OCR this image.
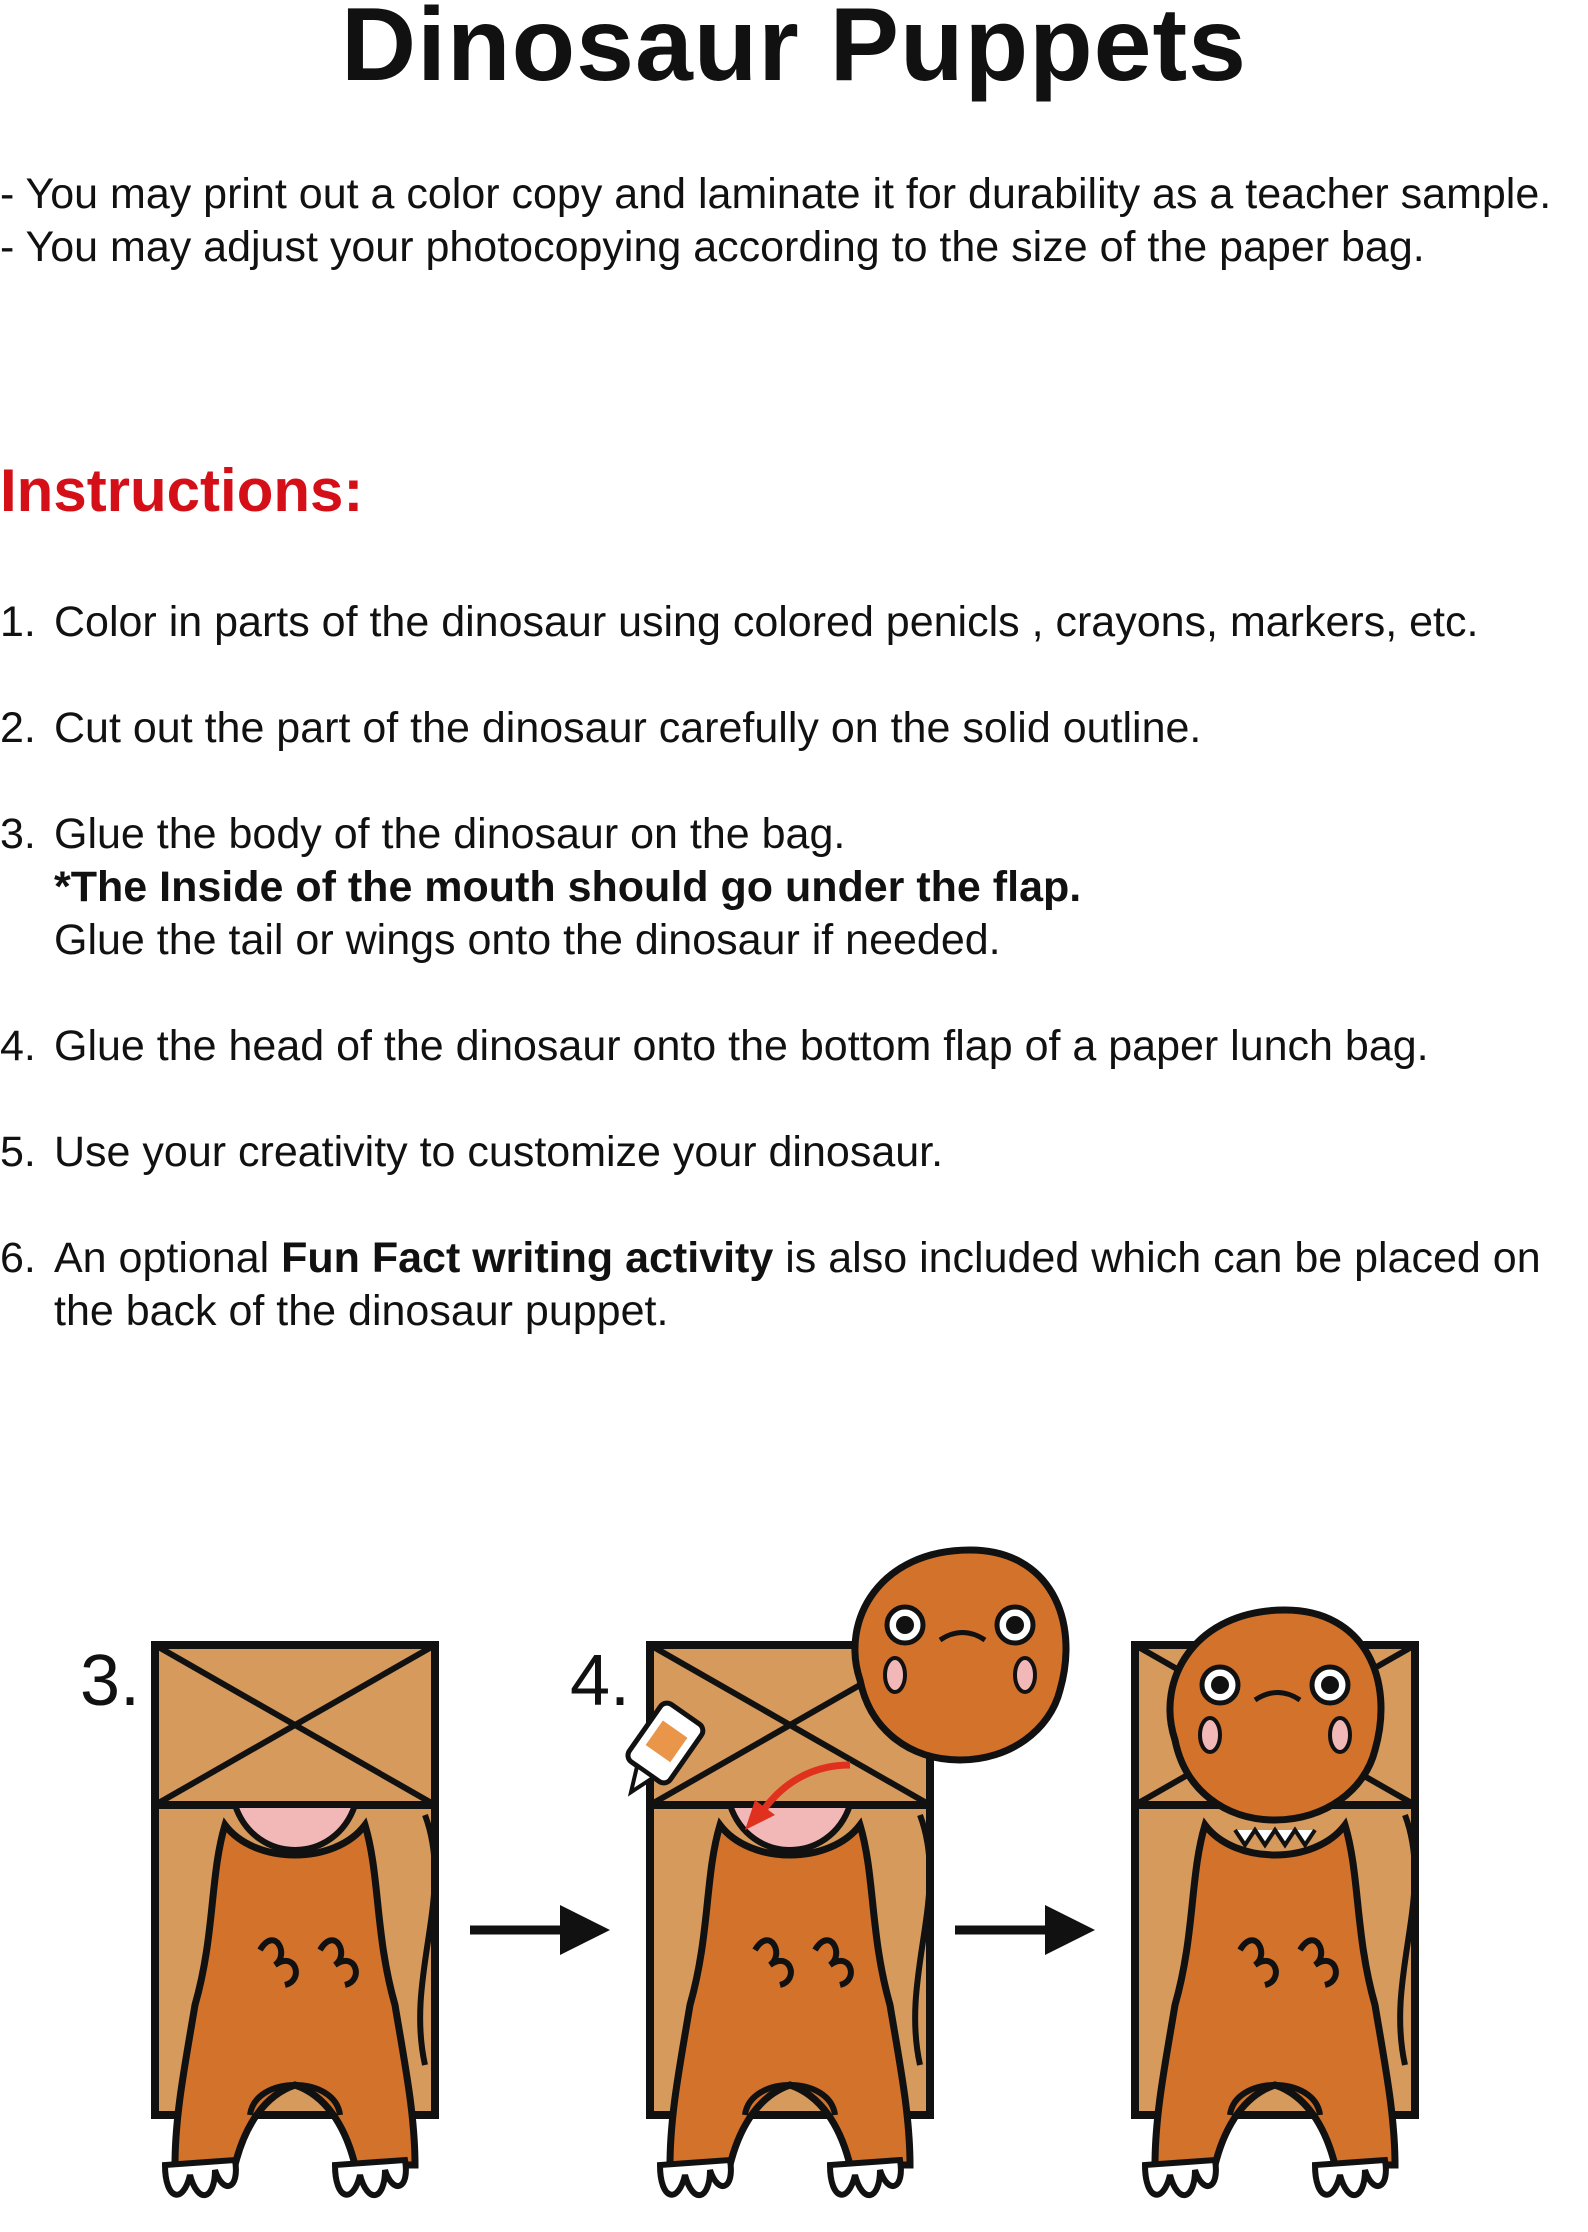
Dinosaur Puppets

- You may print out a color copy and laminate it for durability as a teacher sample.

- You may adjust your photocopying according to the size of the paper bag.

Instructions:
1. Color in parts of the dinosaur using colored penicls , crayons, markers, etc.
2. Cut out the part of the dinosaur carefully on the solid outline.
3. Glue the body of the dinosaur on the bag.
*The Inside of the mouth should go under the flap.
Glue the tail or wings onto the dinosaur if needed.
4. Glue the head of the dinosaur onto the bottom flap of a paper lunch bag.
5. Use your creativity to customize your dinosaur.
6. An optional Fun Fact writing activity is also included which can be placed on the back of the dinosaur puppet.
3.	4.
